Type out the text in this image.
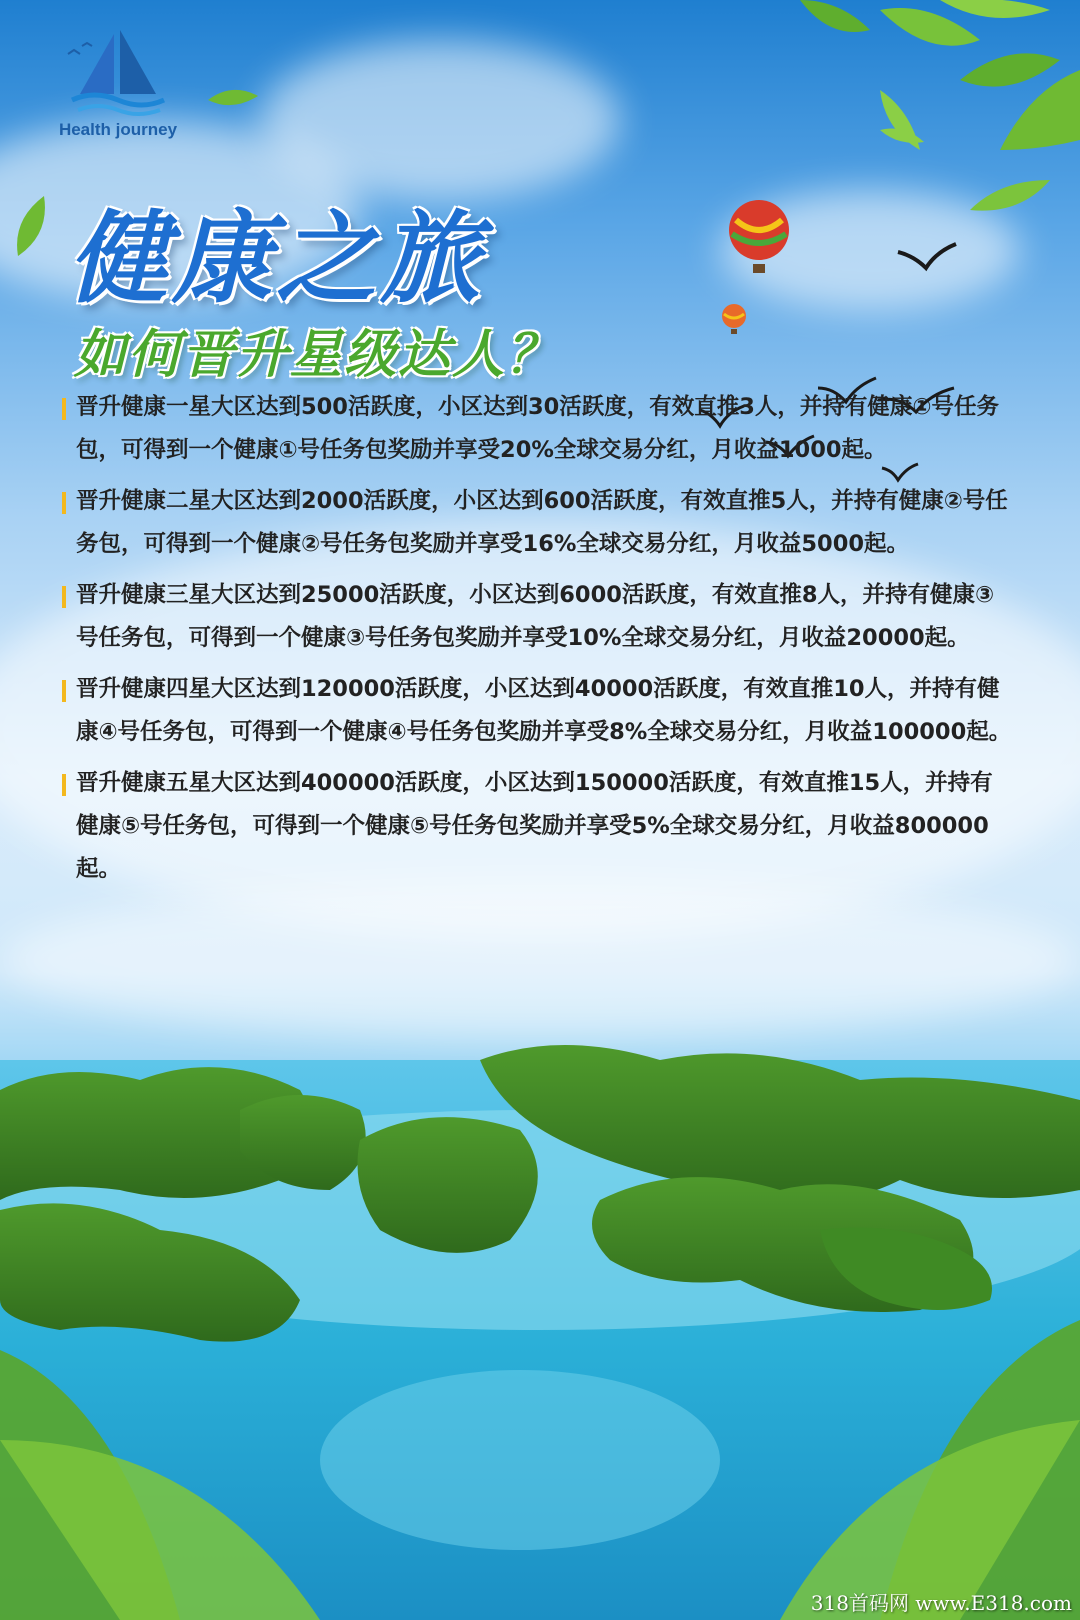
Health journey
健康之旅
如何晋升星级达人？

晋升健康一星大区达到500活跃度，小区达到30活跃度，有效直推3人，并持有健康①号任务包，可得到一个健康①号任务包奖励并享受20%全球交易分红，月收益1000起。

晋升健康二星大区达到2000活跃度，小区达到600活跃度，有效直推5人，并持有健康②号任务包，可得到一个健康②号任务包奖励并享受16%全球交易分红，月收益5000起。

晋升健康三星大区达到25000活跃度，小区达到6000活跃度，有效直推8人，并持有健康③号任务包，可得到一个健康③号任务包奖励并享受10%全球交易分红，月收益20000起。

晋升健康四星大区达到120000活跃度，小区达到40000活跃度，有效直推10人，并持有健康④号任务包，可得到一个健康④号任务包奖励并享受8%全球交易分红，月收益100000起。

晋升健康五星大区达到400000活跃度，小区达到150000活跃度，有效直推15人，并持有健康⑤号任务包，可得到一个健康⑤号任务包奖励并享受5%全球交易分红，月收益800000起。

318首码网 www.E318.com
